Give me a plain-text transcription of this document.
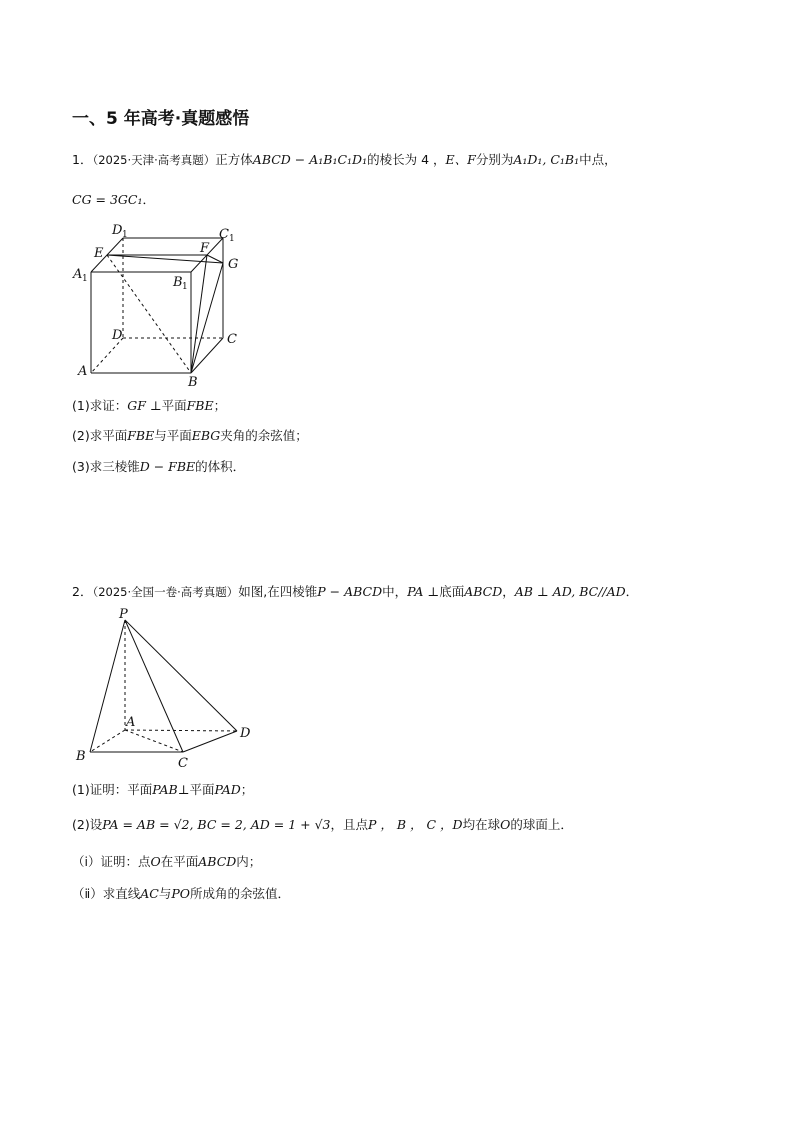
一、5 年高考·真题感悟
1．（2025·天津·高考真题）正方体ABCD − A₁B₁C₁D₁的棱长为 4 ，E、F分别为A₁D₁, C₁B₁中点，
CG = 3GC₁．
D 1	C 1
E	F
G
A 1	B 1
D	C
A
B
(1)求证：GF ⊥平面FBE；
(2)求平面FBE与平面EBG夹角的余弦值；
(3)求三棱锥D − FBE的体积．
2．（2025·全国一卷·高考真题）如图,在四棱锥P − ABCD中，PA ⊥底面ABCD，AB ⊥ AD, BC//AD．
P
A
B	C
D
(1)证明：平面PAB⊥平面PAD；
(2)设PA = AB = √2, BC = 2, AD = 1 + √3，且点P ， B ， C ，D均在球O的球面上．
（i）证明：点O在平面ABCD内；
（ⅱ）求直线AC与PO所成角的余弦值．
